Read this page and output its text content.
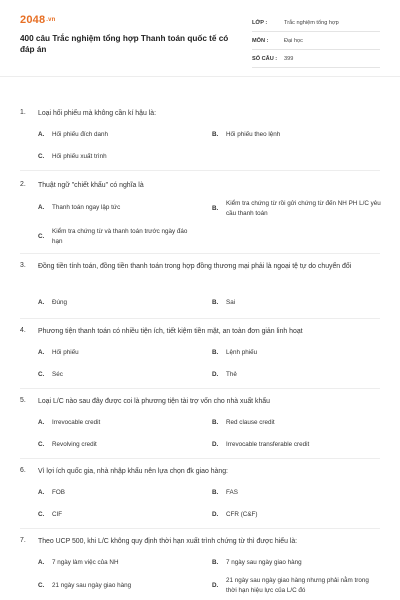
2048.vn
400 câu Trắc nghiệm tổng hợp Thanh toán quốc tế có đáp án
LỚP :	Trắc nghiệm tổng hợp
MÔN :	Đại học
SỐ CÂU :	399
1.	Loại hối phiếu mà không cần kí hậu là:
A.	Hối phiếu đích danh	B.	Hối phiếu theo lệnh
C.	Hối phiếu xuất trình
2.	Thuật ngữ "chiết khấu" có nghĩa là
A.	Thanh toán ngay lập tức	B.
Kiểm tra chứng từ rồi gửi chứng từ đến NH PH L/C yêu cầu thanh toán
C.
Kiểm tra chứng từ và thanh toán trước ngày đáo hạn
3.	Đồng tiền tính toán, đồng tiền thanh toán trong hợp đồng thương mại phải là ngoại tệ tự do chuyển đổi
A.	Đúng	B.	Sai
4.	Phương tiện thanh toán có nhiều tiện ích, tiết kiệm tiền mặt, an toàn đơn giản linh hoạt
A.	Hối phiếu	B.	Lệnh phiếu
C.	Séc	D.	Thẻ
5.	Loại L/C nào sau đây được coi là phương tiện tài trợ vốn cho nhà xuất khẩu
A.	Irrevocable credit	B.	Red clause credit
C.	Revolving credit	D.	Irrevocable transferable credit
6.	Vì lợi ích quốc gia, nhà nhập khẩu nên lựa chọn đk giao hàng:
A.	FOB	B.	FAS
C.	CIF	D.	CFR (C&F)
7.	Theo UCP 500, khi L/C không quy định thời hạn xuất trình chứng từ thì được hiểu là:
A.	7 ngày làm việc của NH	B.	7 ngày sau ngày giao hàng
C.	21 ngày sau ngày giao hàng	D.
21 ngày sau ngày giao hàng nhưng phải nằm trong thời hạn hiệu lực của L/C đó
